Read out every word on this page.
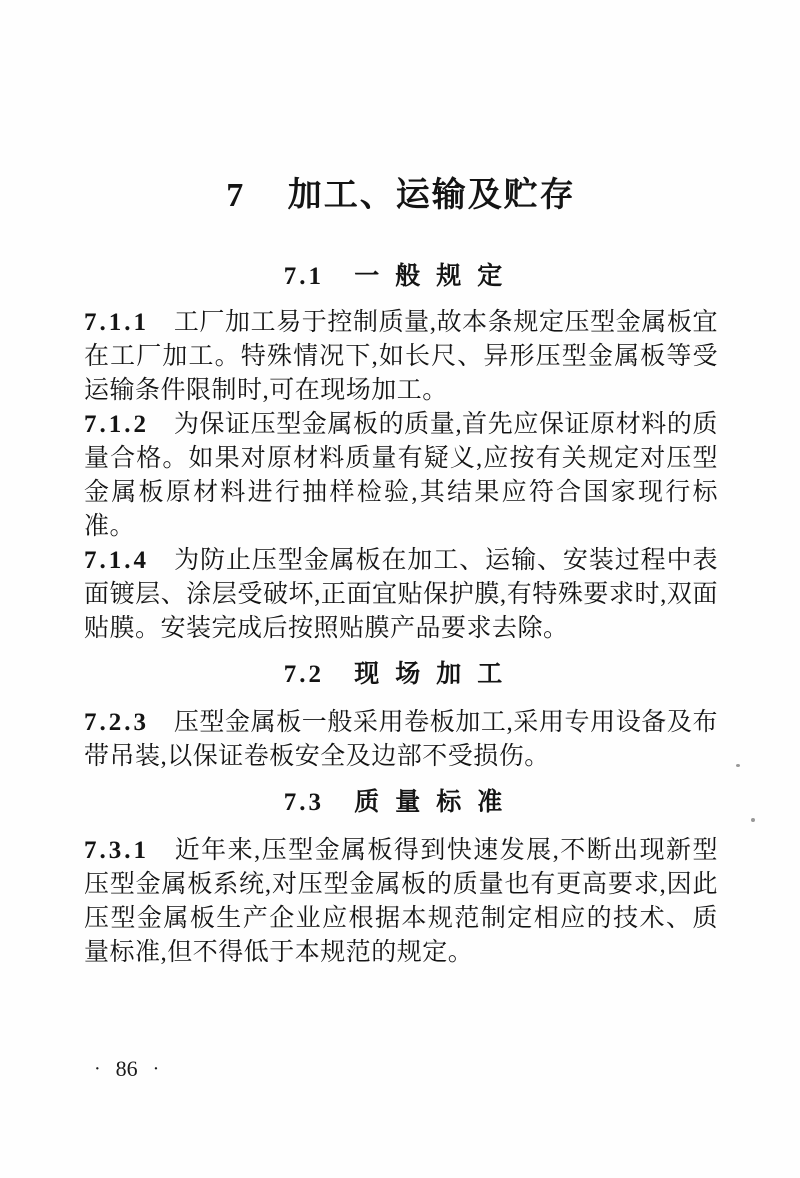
7 加工、运输及贮存
7.1 一般规定

7.1.1 工厂加工易于控制质量,故本条规定压型金属板宜在工厂加工。特殊情况下,如长尺、异形压型金属板等受运输条件限制时,可在现场加工。

7.1.2 为保证压型金属板的质量,首先应保证原材料的质量合格。如果对原材料质量有疑义,应按有关规定对压型金属板原材料进行抽样检验,其结果应符合国家现行标准。

7.1.4 为防止压型金属板在加工、运输、安装过程中表面镀层、涂层受破坏,正面宜贴保护膜,有特殊要求时,双面贴膜。安装完成后按照贴膜产品要求去除。

7.2 现场加工

7.2.3 压型金属板一般采用卷板加工,采用专用设备及布带吊装,以保证卷板安全及边部不受损伤。

7.3 质量标准

7.3.1 近年来,压型金属板得到快速发展,不断出现新型压型金属板系统,对压型金属板的质量也有更高要求,因此压型金属板生产企业应根据本规范制定相应的技术、质量标准,但不得低于本规范的规定。

· 86 ·
